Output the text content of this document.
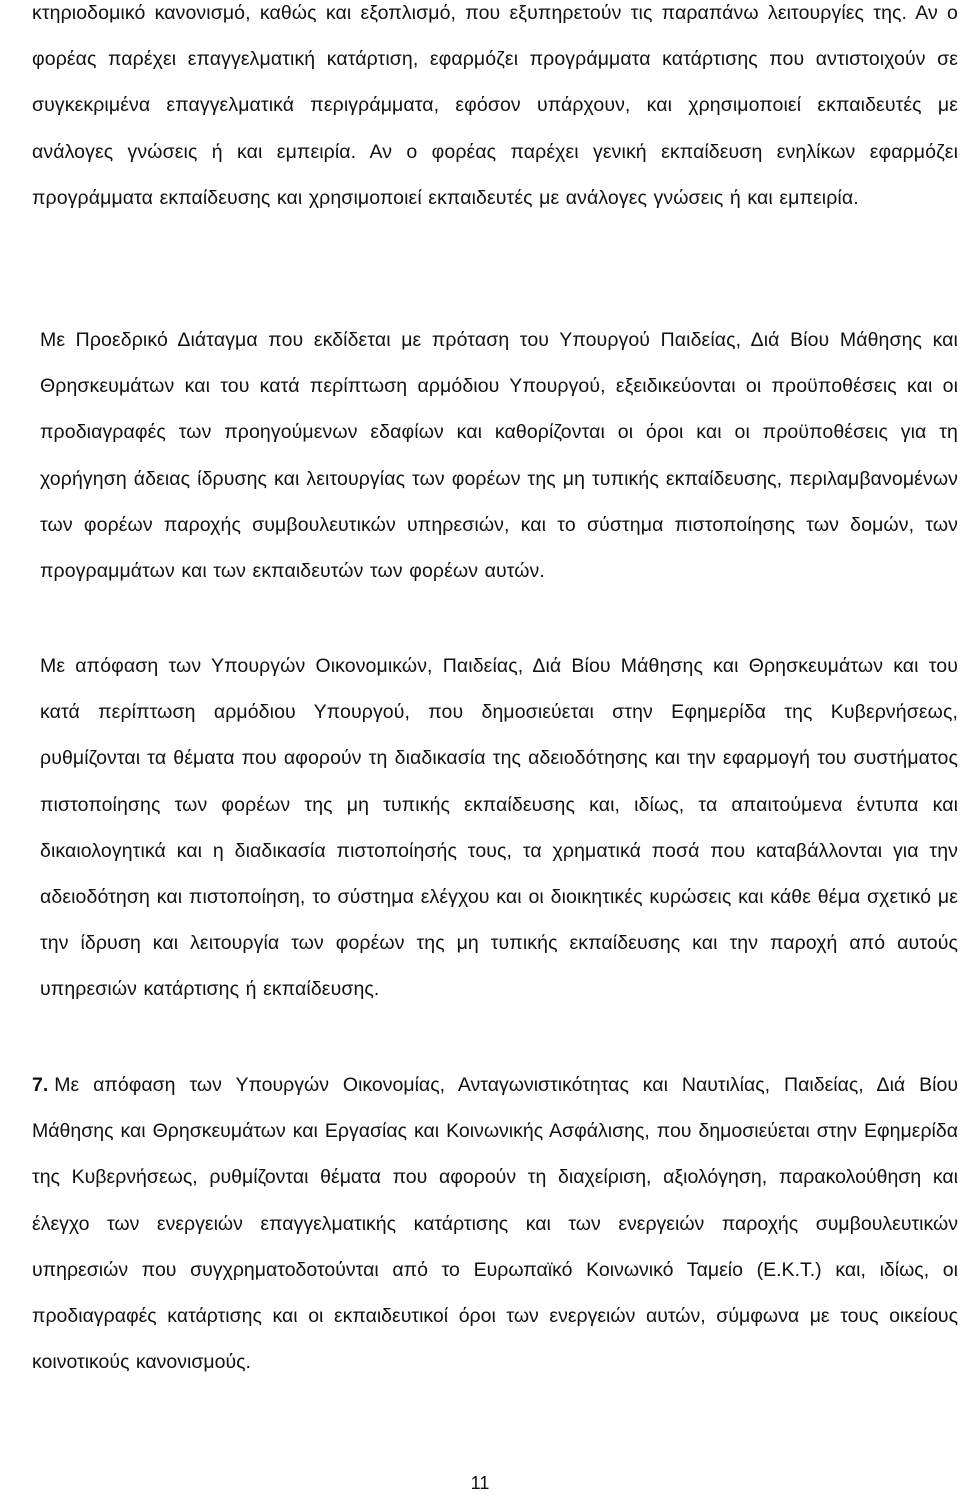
κτηριοδομικό κανονισμό, καθώς και εξοπλισμό, που εξυπηρετούν τις παραπάνω λειτουργίες της. Αν ο φορέας παρέχει επαγγελματική κατάρτιση, εφαρμόζει προγράμματα κατάρτισης που αντιστοιχούν σε συγκεκριμένα επαγγελματικά περιγράμματα, εφόσον υπάρχουν, και χρησιμοποιεί εκπαιδευτές με ανάλογες γνώσεις ή και εμπειρία. Αν ο φορέας παρέχει γενική εκπαίδευση ενηλίκων εφαρμόζει προγράμματα εκπαίδευσης και χρησιμοποιεί εκπαιδευτές με ανάλογες γνώσεις ή και εμπειρία.

Με Προεδρικό Διάταγμα που εκδίδεται με πρόταση του Υπουργού Παιδείας, Διά Βίου Μάθησης και Θρησκευμάτων και του κατά περίπτωση αρμόδιου Υπουργού, εξειδικεύονται οι προϋποθέσεις και οι προδιαγραφές των προηγούμενων εδαφίων και καθορίζονται οι όροι και οι προϋποθέσεις για τη χορήγηση άδειας ίδρυσης και λειτουργίας των φορέων της μη τυπικής εκπαίδευσης, περιλαμβανομένων των φορέων παροχής συμβουλευτικών υπηρεσιών, και το σύστημα πιστοποίησης των δομών, των προγραμμάτων και των εκπαιδευτών των φορέων αυτών.

Με απόφαση των Υπουργών Οικονομικών, Παιδείας, Διά Βίου Μάθησης και Θρησκευμάτων και του κατά περίπτωση αρμόδιου Υπουργού, που δημοσιεύεται στην Εφημερίδα της Κυβερνήσεως, ρυθμίζονται τα θέματα που αφορούν τη διαδικασία της αδειοδότησης και την εφαρμογή του συστήματος πιστοποίησης των φορέων της μη τυπικής εκπαίδευσης και, ιδίως, τα απαιτούμενα έντυπα και δικαιολογητικά και η διαδικασία πιστοποίησής τους, τα χρηματικά ποσά που καταβάλλονται για την αδειοδότηση και πιστοποίηση, το σύστημα ελέγχου και οι διοικητικές κυρώσεις και κάθε θέμα σχετικό με την ίδρυση και λειτουργία των φορέων της μη τυπικής εκπαίδευσης και την παροχή από αυτούς υπηρεσιών κατάρτισης ή εκπαίδευσης.

7. Με απόφαση των Υπουργών Οικονομίας, Ανταγωνιστικότητας και Ναυτιλίας, Παιδείας, Διά Βίου Μάθησης και Θρησκευμάτων και Εργασίας και Κοινωνικής Ασφάλισης, που δημοσιεύεται στην Εφημερίδα της Κυβερνήσεως, ρυθμίζονται θέματα που αφορούν τη διαχείριση, αξιολόγηση, παρακολούθηση και έλεγχο των ενεργειών επαγγελματικής κατάρτισης και των ενεργειών παροχής συμβουλευτικών υπηρεσιών που συγχρηματοδοτούνται από το Ευρωπαϊκό Κοινωνικό Ταμείο (Ε.Κ.Τ.) και, ιδίως, οι προδιαγραφές κατάρτισης και οι εκπαιδευτικοί όροι των ενεργειών αυτών, σύμφωνα με τους οικείους κοινοτικούς κανονισμούς.

11
